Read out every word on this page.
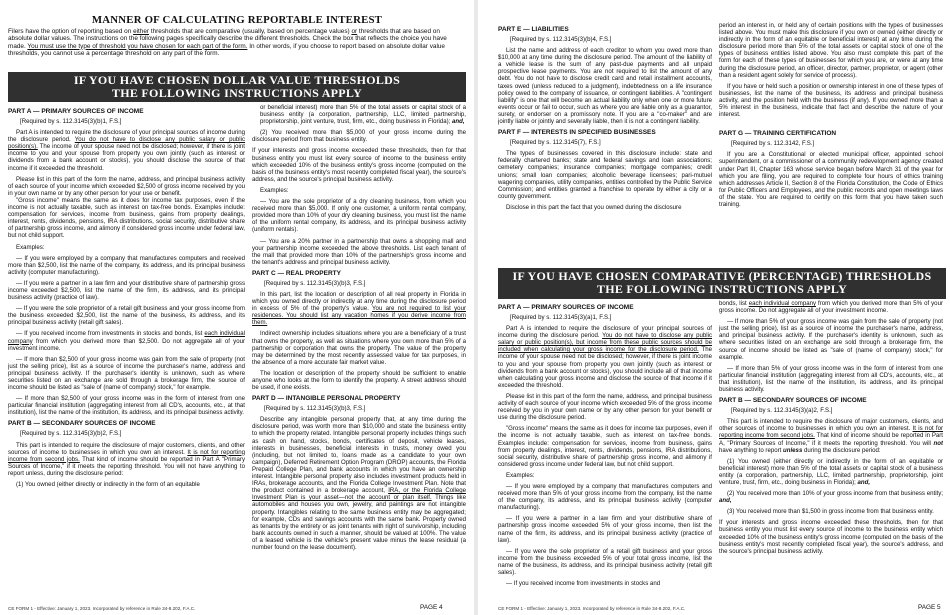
MANNER OF CALCULATING REPORTABLE INTEREST
Filers have the option of reporting based on either thresholds that are comparative (usually, based on percentage values) or thresholds that are based on absolute dollar values. The instructions on the following pages specifically describe the different thresholds. Check the box that reflects the choice you have made. You must use the type of threshold you have chosen for each part of the form. In other words, if you choose to report based on absolute dollar value thresholds, you cannot use a percentage threshold on any part of the form.
IF YOU HAVE CHOSEN DOLLAR VALUE THRESHOLDS
THE FOLLOWING INSTRUCTIONS APPLY
PART A — PRIMARY SOURCES OF INCOME

[Required by s. 112.3145(3)(b)1, F.S.]

Part A is intended to require the disclosure of your principal sources of income during the disclosure period. You do not have to disclose any public salary or public position(s). The income of your spouse need not be disclosed; however, if there is joint income to you and your spouse from property you own jointly (such as interest or dividends from a bank account or stocks), you should disclose the source of that income if it exceeded the threshold.

Please list in this part of the form the name, address, and principal business activity of each source of your income which exceeded $2,500 of gross income received by you in your own name or by any other person for your use or benefit.

"Gross income" means the same as it does for income tax purposes, even if the income is not actually taxable, such as interest on tax-free bonds. Examples include: compensation for services, income from business, gains from property dealings, interest, rents, dividends, pensions, IRA distributions, social security, distributive share of partnership gross income, and alimony if considered gross income under federal law, but not child support.

Examples:

— If you were employed by a company that manufactures computers and received more than $2,500, list the name of the company, its address, and its principal business activity (computer manufacturing).

— If you were a partner in a law firm and your distributive share of partnership gross income exceeded $2,500, list the name of the firm, its address, and its principal business activity (practice of law).

— If you were the sole proprietor of a retail gift business and your gross income from the business exceeded $2,500, list the name of the business, its address, and its principal business activity (retail gift sales).

— If you received income from investments in stocks and bonds, list each individual company from which you derived more than $2,500. Do not aggregate all of your investment income.

— If more than $2,500 of your gross income was gain from the sale of property (not just the selling price), list as a source of income the purchaser's name, address and principal business activity. If the purchaser's identity is unknown, such as where securities listed on an exchange are sold through a brokerage firm, the source of income should be listed as "sale of (name of company) stock," for example.

— If more than $2,500 of your gross income was in the form of interest from one particular financial institution (aggregating interest from all CD's, accounts, etc., at that institution), list the name of the institution, its address, and its principal business activity.

PART B — SECONDARY SOURCES OF INCOME

[Required by s. 112.3145(3)(b)2, F.S.]

This part is intended to require the disclosure of major customers, clients, and other sources of income to businesses in which you own an interest. It is not for reporting income from second jobs. That kind of income should be reported in Part A "Primary Sources of Income," if it meets the reporting threshold. You will not have anything to report unless, during the disclosure period:

(1) You owned (either directly or indirectly in the form of an equitable

or beneficial interest) more than 5% of the total assets or capital stock of a business entity (a corporation, partnership, LLC, limited partnership, proprietorship, joint venture, trust, firm, etc., doing business in Florida); and,

(2) You received more than $5,000 of your gross income during the disclosure period from that business entity.

If your interests and gross income exceeded these thresholds, then for that business entity you must list every source of income to the business entity which exceeded 10% of the business entity's gross income (computed on the basis of the business entity's most recently completed fiscal year), the source's address, and the source's principal business activity.

Examples:

— You are the sole proprietor of a dry cleaning business, from which you received more than $5,000. If only one customer, a uniform rental company, provided more than 10% of your dry cleaning business, you must list the name of the uniform rental company, its address, and its principal business activity (uniform rentals).

— You are a 20% partner in a partnership that owns a shopping mall and your partnership income exceeded the above thresholds. List each tenant of the mall that provided more than 10% of the partnership's gross income and the tenant's address and principal business activity.

PART C — REAL PROPERTY

[Required by s. 112.3145(3)(b)3, F.S.]

In this part, list the location or description of all real property in Florida in which you owned directly or indirectly at any time during the disclosure period in excess of 5% of the property's value. You are not required to list your residences. You should list any vacation homes if you derive income from them.

Indirect ownership includes situations where you are a beneficiary of a trust that owns the property, as well as situations where you own more than 5% of a partnership or corporation that owns the property. The value of the property may be determined by the most recently assessed value for tax purposes, in the absence of a more accurate fair market value.

The location or description of the property should be sufficient to enable anyone who looks at the form to identify the property. A street address should be used, if one exists.

PART D — INTANGIBLE PERSONAL PROPERTY

[Required by s. 112.3145(3)(b)3, F.S.]

Describe any intangible personal property that, at any time during the disclosure period, was worth more than $10,000 and state the business entity to which the property related. Intangible personal property includes things such as cash on hand, stocks, bonds, certificates of deposit, vehicle leases, interests in businesses, beneficial interests in trusts, money owed you (including, but not limited to, loans made as a candidate to your own campaign), Deferred Retirement Option Program (DROP) accounts, the Florida Prepaid College Plan, and bank accounts in which you have an ownership interest. Intangible personal property also includes investment products held in IRAs, brokerage accounts, and the Florida College Investment Plan. Note that the product contained in a brokerage account, IRA, or the Florida College Investment Plan is your asset—not the account or plan itself. Things like automobiles and houses you own, jewelry, and paintings are not intangible property. Intangibles relating to the same business entity may be aggregated; for example, CDs and savings accounts with the same bank. Property owned as tenants by the entirety or as joint tenants with right of survivorship, including bank accounts owned in such a manner, should be valued at 100%. The value of a leased vehicle is the vehicle's present value minus the lease residual (a number found on the lease document).

CE FORM 1 - Effective: January 1, 2023. Incorporated by reference in Rule 34-8.202, F.A.C.	PAGE 4
PART E — LIABILITIES

[Required by s. 112.3145(3)(b)4, F.S.]

List the name and address of each creditor to whom you owed more than $10,000 at any time during the disclosure period. The amount of the liability of a vehicle lease is the sum of any past-due payments and all unpaid prospective lease payments. You are not required to list the amount of any debt. You do not have to disclose credit card and retail installment accounts, taxes owed (unless reduced to a judgment), indebtedness on a life insurance policy owed to the company of issuance, or contingent liabilities. A "contingent liability" is one that will become an actual liability only when one or more future events occur or fail to occur, such as where you are liable only as a guarantor, surety, or endorser on a promissory note. If you are a "co-maker" and are jointly liable or jointly and severally liable, then it is not a contingent liability.

PART F — INTERESTS IN SPECIFIED BUSINESSES

[Required by s. 112.3145(7), F.S.]

The types of businesses covered in this disclosure include: state and federally chartered banks; state and federal savings and loan associations; cemetery companies; insurance companies; mortgage companies; credit unions; small loan companies; alcoholic beverage licensees; pari-mutuel wagering companies, utility companies, entities controlled by the Public Service Commission; and entities granted a franchise to operate by either a city or a county government.

Disclose in this part the fact that you owned during the disclosure

period an interest in, or held any of certain positions with the types of businesses listed above. You must make this disclosure if you own or owned (either directly or indirectly in the form of an equitable or beneficial interest) at any time during the disclosure period more than 5% of the total assets or capital stock of one of the types of business entities listed above. You also must complete this part of the form for each of these types of businesses for which you are, or were at any time during the disclosure period, an officer, director, partner, proprietor, or agent (other than a resident agent solely for service of process).

If you have or held such a position or ownership interest in one of these types of businesses, list the name of the business, its address and principal business activity, and the position held with the business (if any). If you owned more than a 5% interest in the business, indicate that fact and describe the nature of your interest.

PART G — TRAINING CERTIFICATION

[Required by s. 112.3142, F.S.]

If you are a Constitutional or elected municipal officer, appointed school superintendent, or a commissioner of a community redevelopment agency created under Part III, Chapter 163 whose service began before March 31 of the year for which you are filing, you are required to complete four hours of ethics training which addresses Article II, Section 8 of the Florida Constitution, the Code of Ethics for Public Officers and Employees, and the public records and open meetings laws of the state. You are required to certify on this form that you have taken such training.

IF YOU HAVE CHOSEN COMPARATIVE (PERCENTAGE) THRESHOLDS
THE FOLLOWING INSTRUCTIONS APPLY
PART A — PRIMARY SOURCES OF INCOME

[Required by s. 112.3145(3)(a)1, F.S.]

Part A is intended to require the disclosure of your principal sources of income during the disclosure period. You do not have to disclose any public salary or public position(s), but income from these public sources should be included when calculating your gross income for the disclosure period. The income of your spouse need not be disclosed; however, if there is joint income to you and your spouse from property you own jointly (such as interest or dividends from a bank account or stocks), you should include all of that income when calculating your gross income and disclose the source of that income if it exceeded the threshold.

Please list in this part of the form the name, address, and principal business activity of each source of your income which exceeded 5% of the gross income received by you in your own name or by any other person for your benefit or use during the disclosure period.

"Gross income" means the same as it does for income tax purposes, even if the income is not actually taxable, such as interest on tax-free bonds. Examples include: compensation for services, income from business, gains from property dealings, interest, rents, dividends, pensions, IRA distributions, social security, distributive share of partnership gross income, and alimony if considered gross income under federal law, but not child support.

Examples:

— If you were employed by a company that manufactures computers and received more than 5% of your gross income from the company, list the name of the company, its address, and its principal business activity (computer manufacturing).

— If you were a partner in a law firm and your distributive share of partnership gross income exceeded 5% of your gross income, then list the name of the firm, its address, and its principal business activity (practice of law).

— If you were the sole proprietor of a retail gift business and your gross income from the business exceeded 5% of your total gross income, list the name of the business, its address, and its principal business activity (retail gift sales).

— If you received income from investments in stocks and

bonds, list each individual company from which you derived more than 5% of your gross income. Do not aggregate all of your investment income.

— If more than 5% of your gross income was gain from the sale of property (not just the selling price), list as a source of income the purchaser's name, address, and principal business activity. If the purchaser's identity is unknown, such as where securities listed on an exchange are sold through a brokerage firm, the source of income should be listed as "sale of (name of company) stock," for example.

— If more than 5% of your gross income was in the form of interest from one particular financial institution (aggregating interest from all CD's, accounts, etc., at that institution), list the name of the institution, its address, and its principal business activity.

PART B — SECONDARY SOURCES OF INCOME

[Required by s. 112.3145(3)(a)2, F.S.]

This part is intended to require the disclosure of major customers, clients, and other sources of income to businesses in which you own an interest. It is not for reporting income from second jobs. That kind of income should be reported in Part A, "Primary Sources of Income," if it meets the reporting threshold. You will not have anything to report unless during the disclosure period:

(1) You owned (either directly or indirectly in the form of an equitable or beneficial interest) more than 5% of the total assets or capital stock of a business entity (a corporation, partnership, LLC, limited partnership, proprietorship, joint venture, trust, firm, etc., doing business in Florida); and,

(2) You received more than 10% of your gross income from that business entity; and,

(3) You received more than $1,500 in gross income from that business entity.

If your interests and gross income exceeded these thresholds, then for that business entity you must list every source of income to the business entity which exceeded 10% of the business entity's gross income (computed on the basis of the business entity's most recently completed fiscal year), the source's address, and the source's principal business activity.

CE FORM 1 - Effective: January 1, 2023. Incorporated by reference in Rule 34-8.202, F.A.C.	PAGE 5
